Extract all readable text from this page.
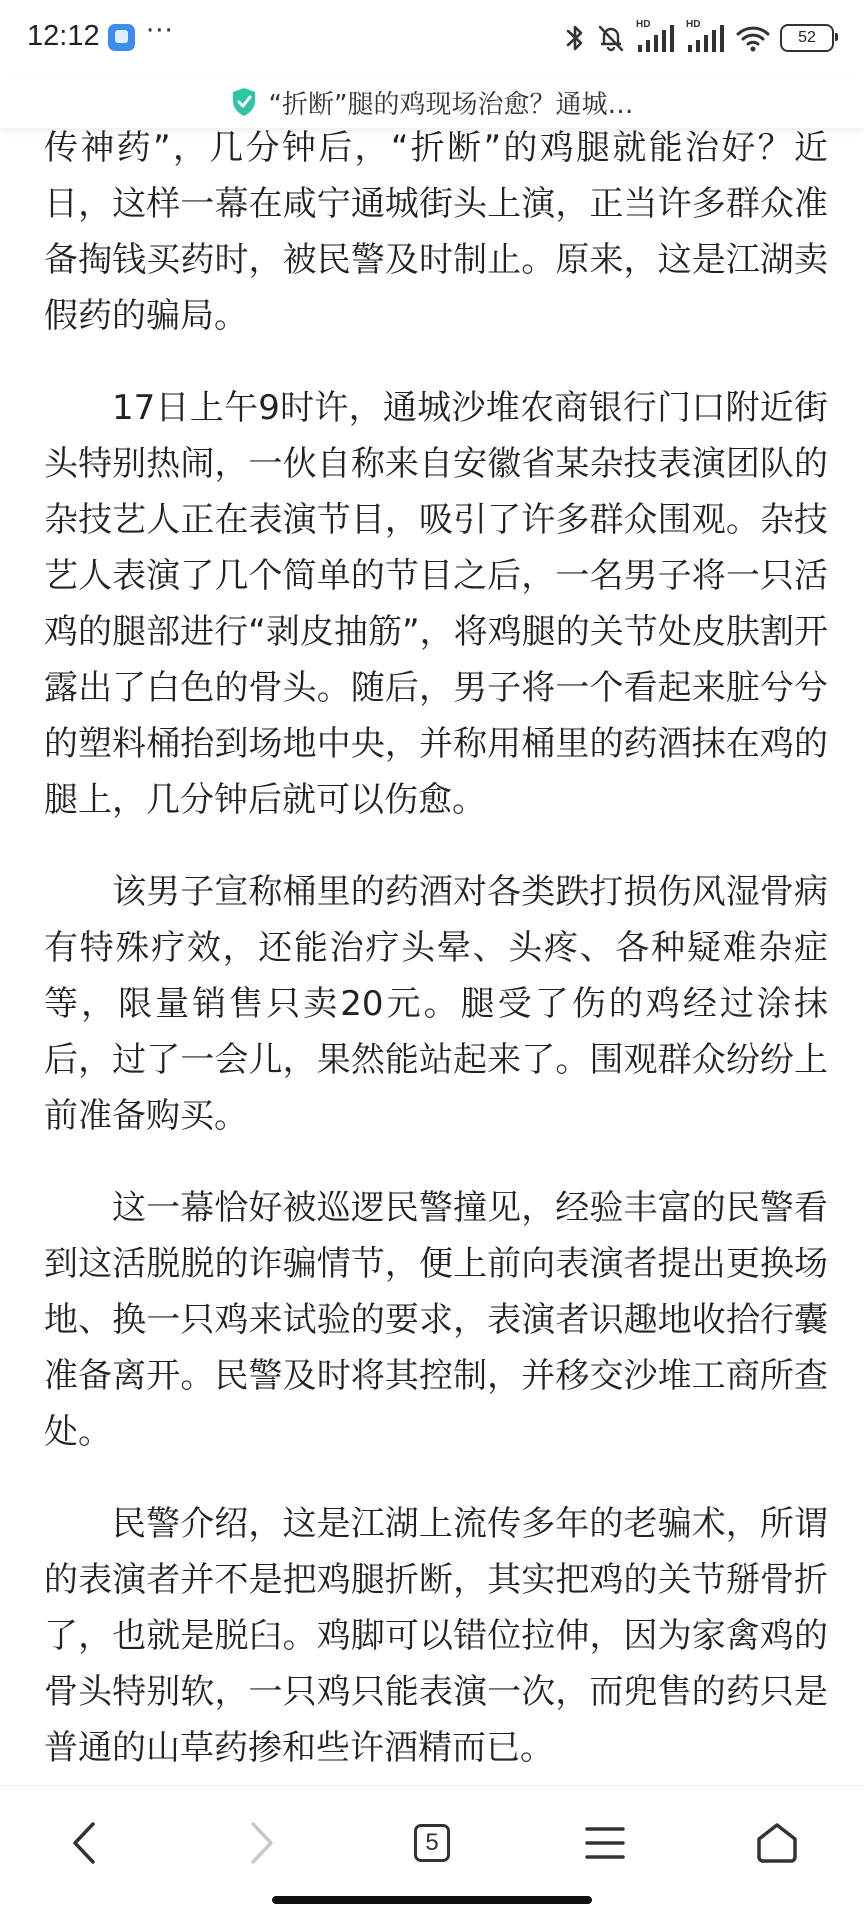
12:12 ···	HD	HD
52
“折断”腿的鸡现场治愈？通城…

传神药”，几分钟后，“折断”的鸡腿就能治好？近日，这样一幕在咸宁通城街头上演，正当许多群众准备掏钱买药时，被民警及时制止。原来，这是江湖卖假药的骗局。

17日上午9时许，通城沙堆农商银行门口附近街头特别热闹，一伙自称来自安徽省某杂技表演团队的杂技艺人正在表演节目，吸引了许多群众围观。杂技艺人表演了几个简单的节目之后，一名男子将一只活鸡的腿部进行“剥皮抽筋”，将鸡腿的关节处皮肤割开露出了白色的骨头。随后，男子将一个看起来脏兮兮的塑料桶抬到场地中央，并称用桶里的药酒抹在鸡的腿上，几分钟后就可以伤愈。

该男子宣称桶里的药酒对各类跌打损伤风湿骨病有特殊疗效，还能治疗头晕、头疼、各种疑难杂症等，限量销售只卖20元。腿受了伤的鸡经过涂抹后，过了一会儿，果然能站起来了。围观群众纷纷上前准备购买。

这一幕恰好被巡逻民警撞见，经验丰富的民警看到这活脱脱的诈骗情节，便上前向表演者提出更换场地、换一只鸡来试验的要求，表演者识趣地收拾行囊准备离开。民警及时将其控制，并移交沙堆工商所查处。

民警介绍，这是江湖上流传多年的老骗术，所谓的表演者并不是把鸡腿折断，其实把鸡的关节掰骨折了，也就是脱臼。鸡脚可以错位拉伸，因为家禽鸡的骨头特别软，一只鸡只能表演一次，而兜售的药只是普通的山草药掺和些许酒精而已。

5
